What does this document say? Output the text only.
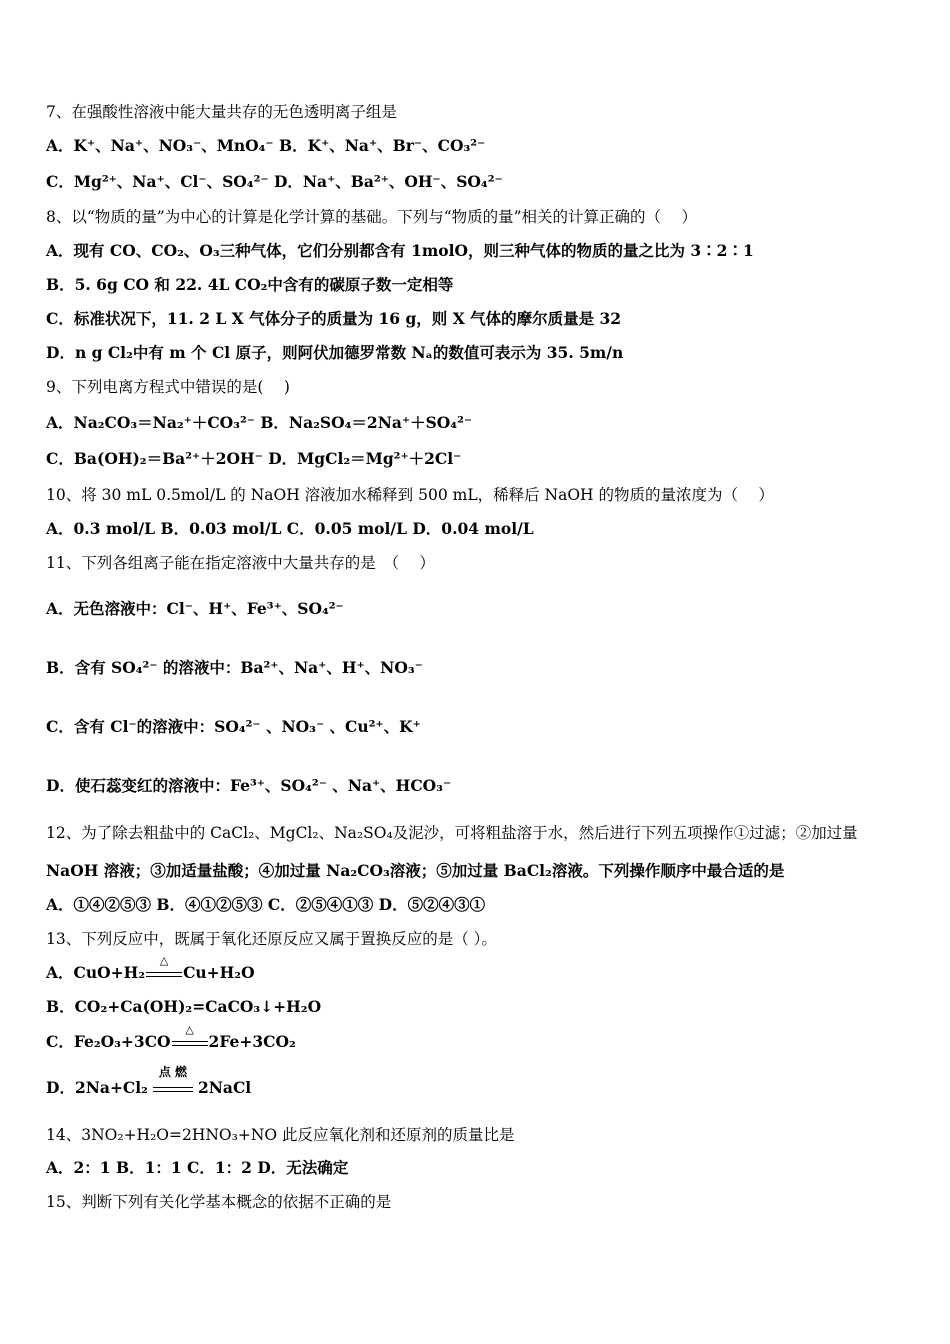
7、在强酸性溶液中能大量共存的无色透明离子组是
A．K⁺、Na⁺、NO₃⁻、MnO₄⁻ B．K⁺、Na⁺、Br⁻、CO₃²⁻
C．Mg²⁺、Na⁺、Cl⁻、SO₄²⁻ D．Na⁺、Ba²⁺、OH⁻、SO₄²⁻
8、以“物质的量”为中心的计算是化学计算的基础。下列与“物质的量”相关的计算正确的（　 ）
A．现有 CO、CO₂、O₃三种气体，它们分别都含有 1molO，则三种气体的物质的量之比为 3∶2∶1
B．5. 6g CO 和 22. 4L CO₂中含有的碳原子数一定相等
C．标准状况下，11. 2 L X 气体分子的质量为 16 g，则 X 气体的摩尔质量是 32
D．n g Cl₂中有 m 个 Cl 原子，则阿伏加德罗常数 Nₐ的数值可表示为 35. 5m/n
9、下列电离方程式中错误的是(　 )
A．Na₂CO₃＝Na₂⁺＋CO₃²⁻ B．Na₂SO₄＝2Na⁺＋SO₄²⁻
C．Ba(OH)₂＝Ba²⁺＋2OH⁻ D．MgCl₂＝Mg²⁺＋2Cl⁻
10、将 30 mL 0.5mol/L 的 NaOH 溶液加水稀释到 500 mL，稀释后 NaOH 的物质的量浓度为（　 ）
A．0.3 mol/L B．0.03 mol/L C．0.05 mol/L D．0.04 mol/L
11、下列各组离子能在指定溶液中大量共存的是　（　 ）
A．无色溶液中：Cl⁻、H⁺、Fe³⁺、SO₄²⁻
B．含有 SO₄²⁻ 的溶液中：Ba²⁺、Na⁺、H⁺、NO₃⁻
C．含有 Cl⁻的溶液中：SO₄²⁻ 、NO₃⁻ 、Cu²⁺、K⁺
D．使石蕊变红的溶液中：Fe³⁺、SO₄²⁻ 、Na⁺、HCO₃⁻
12、为了除去粗盐中的 CaCl₂、MgCl₂、Na₂SO₄及泥沙，可将粗盐溶于水，然后进行下列五项操作①过滤；②加过量
NaOH 溶液；③加适量盐酸；④加过量 Na₂CO₃溶液；⑤加过量 BaCl₂溶液。下列操作顺序中最合适的是
A．①④②⑤③ B．④①②⑤③ C．②⑤④①③ D．⑤②④③①
13、下列反应中，既属于氧化还原反应又属于置换反应的是（ ）。
A．CuO+H₂
△
Cu+H₂O
B．CO₂+Ca(OH)₂=CaCO₃↓+H₂O
C．Fe₂O₃+3CO
△
2Fe+3CO₂
D．2Na+Cl₂
点 燃
2NaCl
14、3NO₂+H₂O=2HNO₃+NO 此反应氧化剂和还原剂的质量比是
A．2：1 B．1：1 C．1：2 D．无法确定
15、判断下列有关化学基本概念的依据不正确的是
